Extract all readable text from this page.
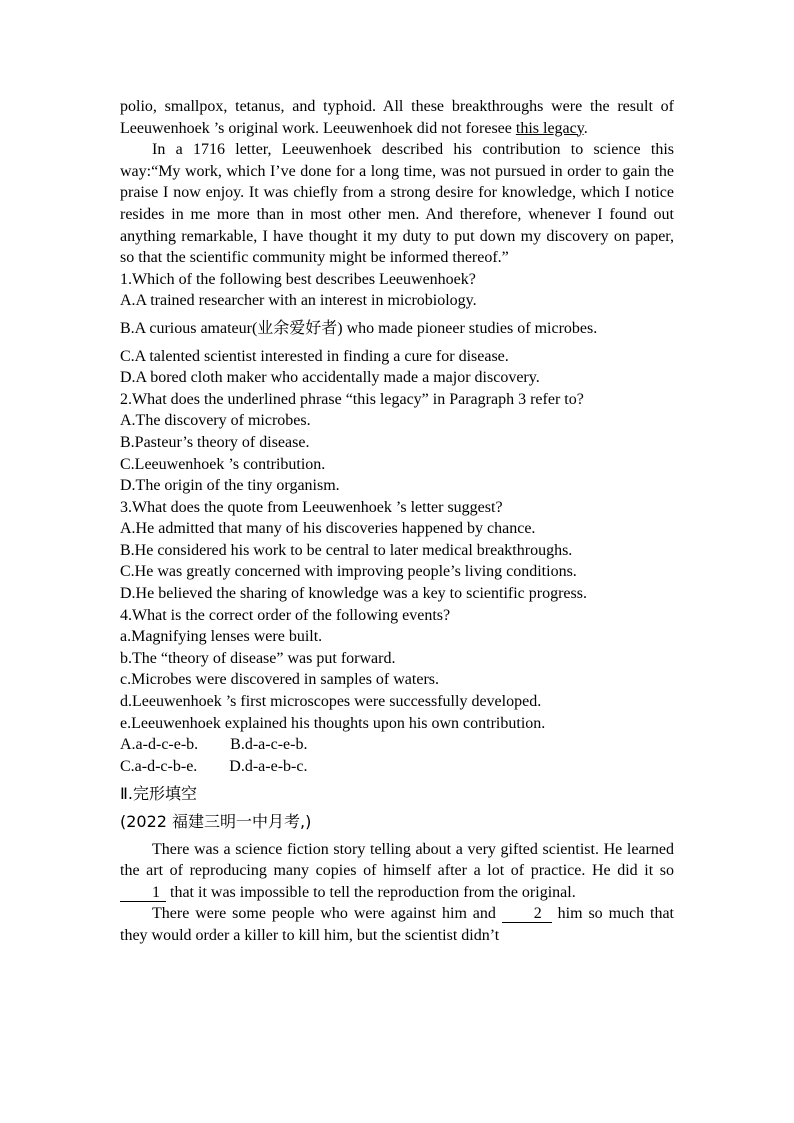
polio, smallpox, tetanus, and typhoid. All these breakthroughs were the result of Leeuwenhoek ’s original work. Leeuwenhoek did not foresee this legacy.

In a 1716 letter, Leeuwenhoek described his contribution to science this way:“My work, which I’ve done for a long time, was not pursued in order to gain the praise I now enjoy. It was chiefly from a strong desire for knowledge, which I notice resides in me more than in most other men. And therefore, whenever I found out anything remarkable, I have thought it my duty to put down my discovery on paper, so that the scientific community might be informed thereof.”

1.Which of the following best describes Leeuwenhoek?

A.A trained researcher with an interest in microbiology.

B.A curious amateur(业余爱好者) who made pioneer studies of microbes.

C.A talented scientist interested in finding a cure for disease.

D.A bored cloth maker who accidentally made a major discovery.

2.What does the underlined phrase “this legacy” in Paragraph 3 refer to?

A.The discovery of microbes.

B.Pasteur’s theory of disease.

C.Leeuwenhoek ’s contribution.

D.The origin of the tiny organism.

3.What does the quote from Leeuwenhoek ’s letter suggest?

A.He admitted that many of his discoveries happened by chance.

B.He considered his work to be central to later medical breakthroughs.

C.He was greatly concerned with improving people’s living conditions.

D.He believed the sharing of knowledge was a key to scientific progress.

4.What is the correct order of the following events?

a.Magnifying lenses were built.

b.The “theory of disease” was put forward.

c.Microbes were discovered in samples of waters.

d.Leeuwenhoek ’s first microscopes were successfully developed.

e.Leeuwenhoek explained his thoughts upon his own contribution.

A.a-d-c-e-b.        B.d-a-c-e-b.

C.a-d-c-b-e.        D.d-a-e-b-c.

Ⅱ.完形填空

(2022 福建三明一中月考,)

There was a science fiction story telling about a very gifted scientist. He learned the art of reproducing many copies of himself after a lot of practice. He did it so 1 that it was impossible to tell the reproduction from the original.

There were some people who were against him and 2 him so much that they would order a killer to kill him, but the scientist didn’t
